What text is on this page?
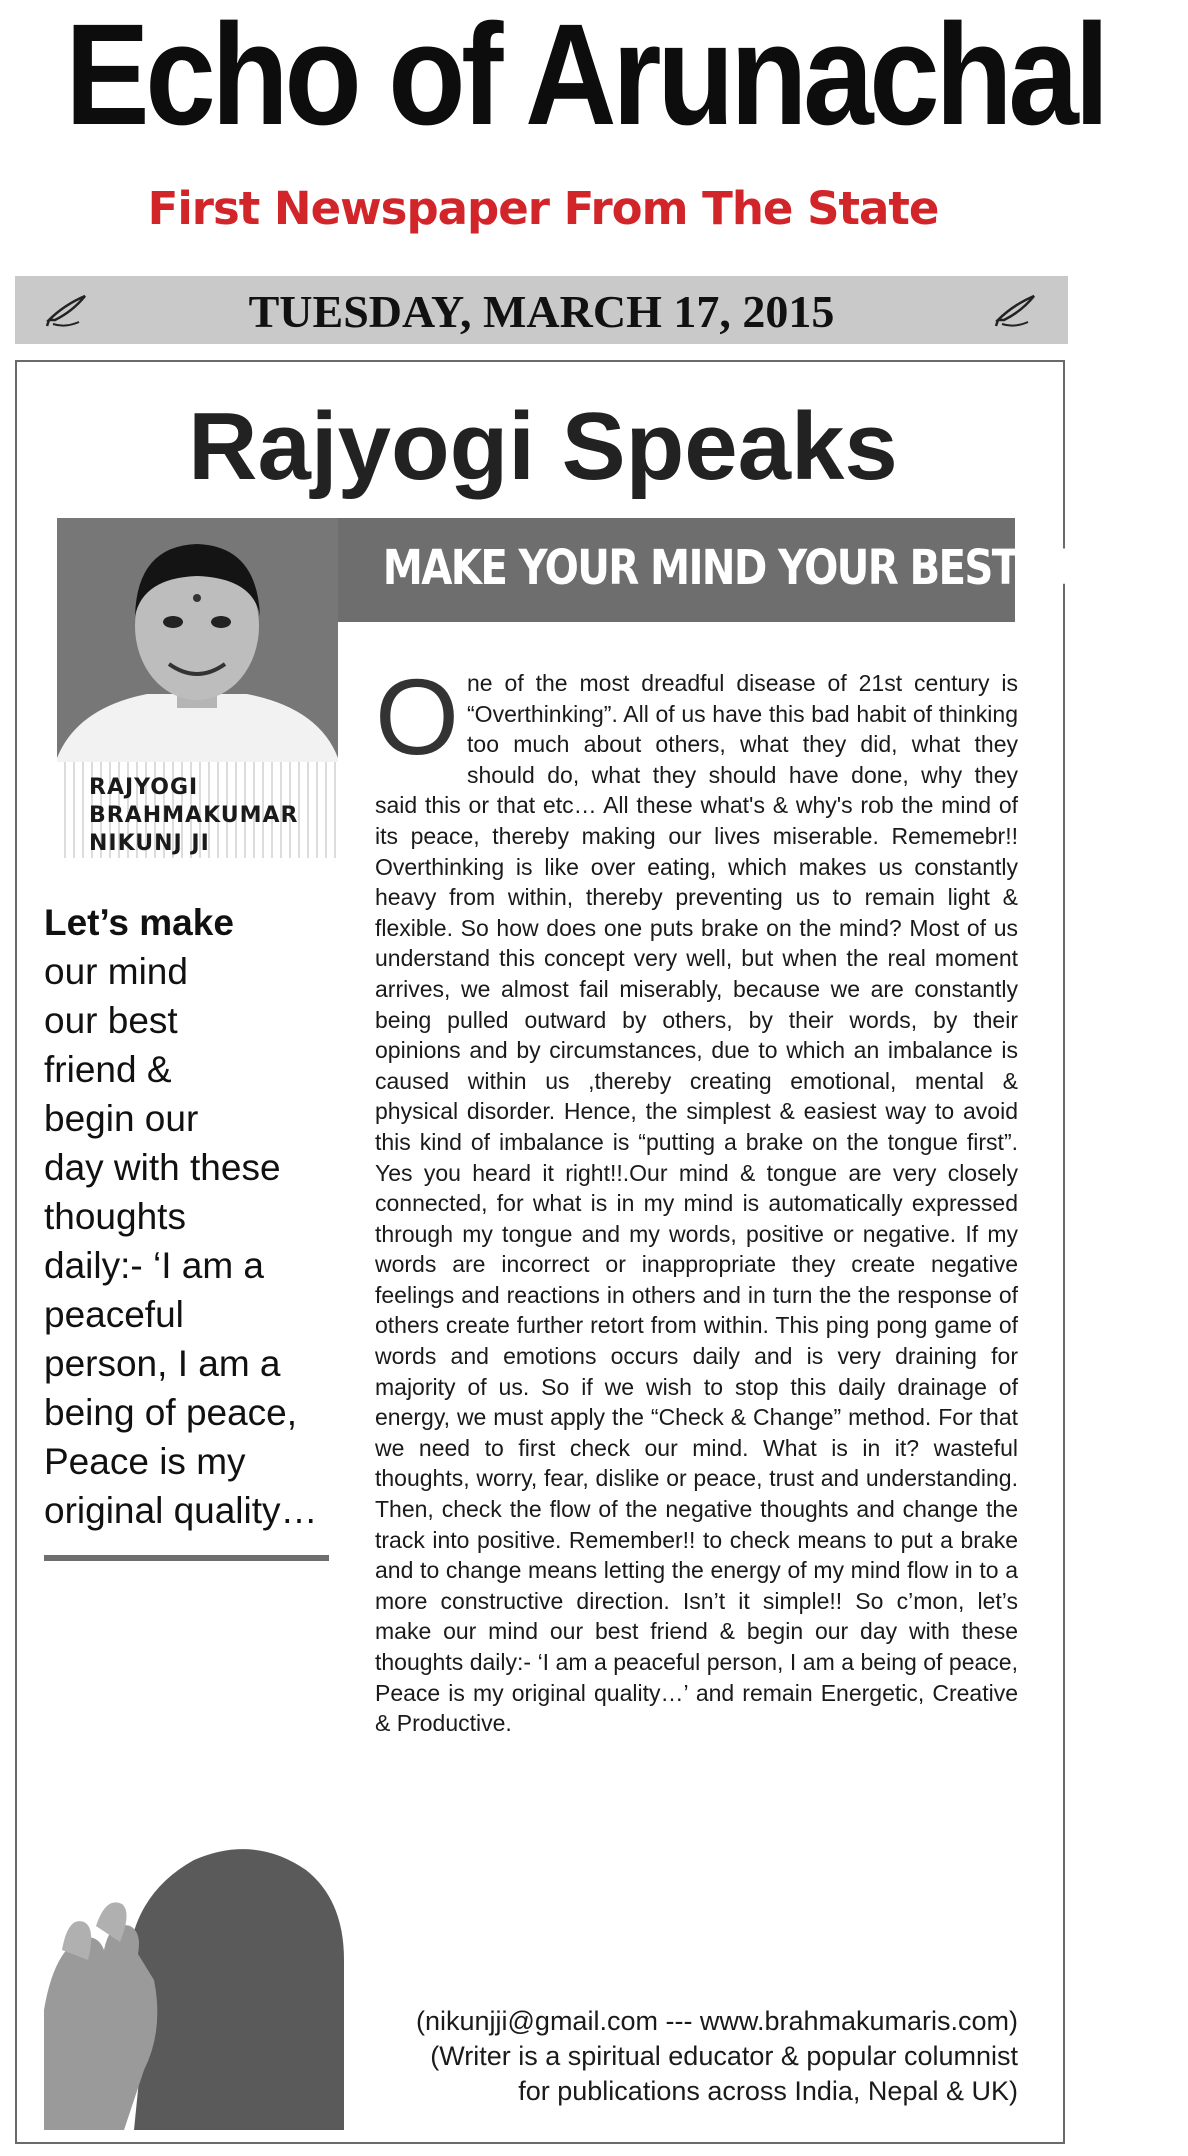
Echo of Arunachal
First Newspaper From The State
TUESDAY, MARCH 17, 2015
Rajyogi Speaks
MAKE YOUR MIND YOUR BEST FRIEND
RAJYOGI
BRAHMAKUMAR
NIKUNJ JI
Let’s make
our mind
our best
friend &
begin our
day with these
thoughts
daily:- ‘I am a
peaceful
person, I am a
being of peace,
Peace is my
original quality…
One of the most dreadful disease of 21st century is “Overthinking”. All of us have this bad habit of thinking too much about others, what they did, what they should do, what they should have done, why they said this or that etc… All these what's & why's rob the mind of its peace, thereby making our lives miserable. Rememebr!! Overthinking is like over eating, which makes us constantly heavy from within, thereby preventing us to remain light & flexible. So how does one puts brake on the mind? Most of us understand this concept very well, but when the real moment arrives, we almost fail miserably, because we are constantly being pulled outward by others, by their words, by their opinions and by circumstances, due to which an imbalance is caused within us ,thereby creating emotional, mental & physical disorder. Hence, the simplest & easiest way to avoid this kind of imbalance is “putting a brake on the tongue first”. Yes you heard it right!!.Our mind & tongue are very closely connected, for what is in my mind is automatically expressed through my tongue and my words, positive or negative. If my words are incorrect or inappropriate they create negative feelings and reactions in others and in turn the the response of others create further retort from within. This ping pong game of words and emotions occurs daily and is very draining for majority of us. So if we wish to stop this daily drainage of energy, we must apply the “Check & Change” method. For that we need to first check our mind. What is in it? wasteful thoughts, worry, fear, dislike or peace, trust and understanding. Then, check the flow of the negative thoughts and change the track into positive. Remember!! to check means to put a brake and to change means letting the energy of my mind flow in to a more constructive direction. Isn’t it simple!! So c’mon, let’s make our mind our best friend & begin our day with these thoughts daily:- ‘I am a peaceful person, I am a being of peace, Peace is my original quality…’ and remain Energetic, Creative & Productive.
(nikunjji@gmail.com --- www.brahmakumaris.com)
(Writer is a spiritual educator & popular columnist
for publications across India, Nepal & UK)
